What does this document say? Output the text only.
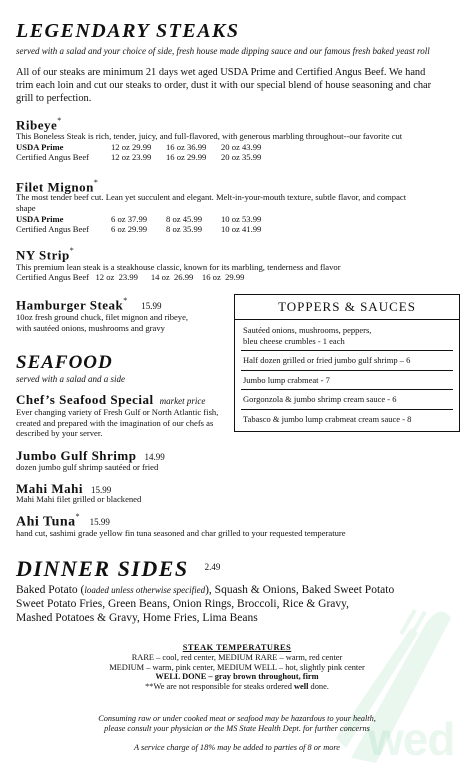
LEGENDARY STEAKS
served with a salad and your choice of side, fresh house made dipping sauce and our famous fresh baked yeast roll
All of our steaks are minimum 21 days wet aged USDA Prime and Certified Angus Beef. We hand
trim each loin and cut our steaks to order, dust it with our special blend of house seasoning and char
grill to perfection.
Ribeye*
This Boneless Steak is rich, tender, juicy, and full-flavored, with generous marbling throughout--our favorite cut
USDA Prime	12 oz 29.99 16 oz 36.99 20 oz 43.99
Certified Angus Beef	12 oz 23.99 16 oz 29.99 20 oz 35.99
Filet Mignon*
The most tender beef cut. Lean yet succulent and elegant. Melt-in-your-mouth texture, subtle flavor, and compact
shape
USDA Prime	6 oz 37.99 8 oz 45.99 10 oz 53.99
Certified Angus Beef	6 oz 29.99 8 oz 35.99 10 oz 41.99
NY Strip*
This premium lean steak is a steakhouse classic, known for its marbling, tenderness and flavor
Certified Angus Beef   12 oz  23.99      14 oz  26.99    16 oz  29.99
Hamburger Steak* 15.99
10oz fresh ground chuck, filet mignon and ribeye,
with sautéed onions, mushrooms and gravy
TOPPERS & SAUCES
Sautéed onions, mushrooms, peppers,
bleu cheese crumbles - 1 each
Half dozen grilled or fried jumbo gulf shrimp – 6
Jumbo lump crabmeat - 7
Gorgonzola & jumbo shrimp cream sauce - 6
Tabasco & jumbo lump crabmeat cream sauce - 8
SEAFOOD
served with a salad and a side
Chef’s Seafood Special market price
Ever changing variety of Fresh Gulf or North Atlantic fish,
created and prepared with the imagination of our chefs as
described by your server.
Jumbo Gulf Shrimp 14.99
dozen jumbo gulf shrimp sautéed or fried
Mahi Mahi 15.99
Mahi Mahi filet grilled or blackened
Ahi Tuna* 15.99
hand cut, sashimi grade yellow fin tuna seasoned and char grilled to your requested temperature
DINNER SIDES $^{2.49}$
Baked Potato (loaded unless otherwise specified), Squash & Onions, Baked Sweet Potato
Sweet Potato Fries, Green Beans, Onion Rings, Broccoli, Rice & Gravy,
Mashed Potatoes & Gravy, Home Fries, Lima Beans
wed
STEAK TEMPERATURES
RARE – cool, red center, MEDIUM RARE – warm, red center
MEDIUM – warm, pink center, MEDIUM WELL – hot, slightly pink center
WELL DONE – gray brown throughout, firm
**We are not responsible for steaks ordered well done.
Consuming raw or under cooked meat or seafood may be hazardous to your health,
please consult your physician or the MS State Health Dept. for further concerns
A service charge of 18% may be added to parties of 8 or more
